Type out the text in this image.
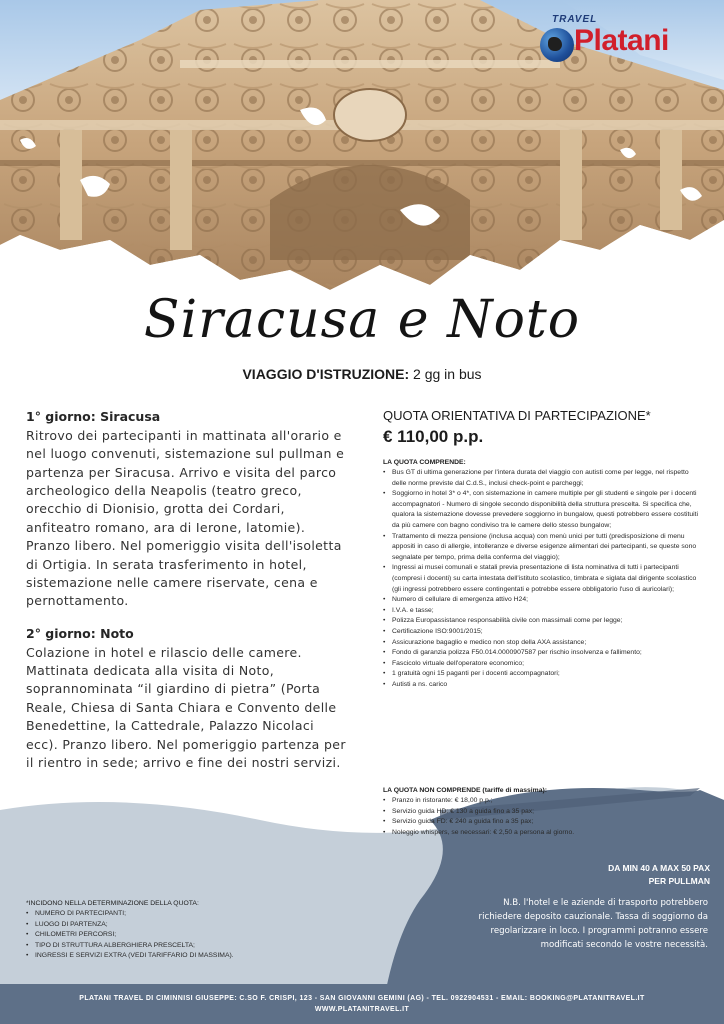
TRAVEL
Platani
Siracusa e Noto
VIAGGIO D'ISTRUZIONE: 2 gg in bus
1° giorno: Siracusa

Ritrovo dei partecipanti in mattinata all'orario e nel luogo convenuti, sistemazione sul pullman e partenza per Siracusa. Arrivo e visita del parco archeologico della Neapolis (teatro greco, orecchio di Dionisio, grotta dei Cordari, anfiteatro romano, ara di Ierone, latomie). Pranzo libero. Nel pomeriggio visita dell'isoletta di Ortigia. In serata trasferimento in hotel, sistemazione nelle camere riservate, cena e pernottamento.

2° giorno: Noto

Colazione in hotel e rilascio delle camere. Mattinata dedicata alla visita di Noto, soprannominata “il giardino di pietra” (Porta Reale, Chiesa di Santa Chiara e Convento delle Benedettine, la Cattedrale, Palazzo Nicolaci ecc). Pranzo libero. Nel pomeriggio partenza per il rientro in sede; arrivo e fine dei nostri servizi.

QUOTA ORIENTATIVA DI PARTECIPAZIONE*
€ 110,00 p.p.
LA QUOTA COMPRENDE:
• Bus GT di ultima generazione per l'intera durata del viaggio con autisti come per legge, nel rispetto delle norme previste dal C.d.S., inclusi check-point e parcheggi;
• Soggiorno in hotel 3* o 4*, con sistemazione in camere multiple per gli studenti e singole per i docenti accompagnatori - Numero di singole secondo disponibilità della struttura prescelta. Si specifica che, qualora la sistemazione dovesse prevedere soggiorno in bungalow, questi potrebbero essere costituiti da più camere con bagno condiviso tra le camere dello stesso bungalow;
• Trattamento di mezza pensione (inclusa acqua) con menù unici per tutti (predisposizione di menu appositi in caso di allergie, intolleranze e diverse esigenze alimentari dei partecipanti, se queste sono segnalate per tempo, prima della conferma del viaggio);
• Ingressi ai musei comunali e statali previa presentazione di lista nominativa di tutti i partecipanti (compresi i docenti) su carta intestata dell'istituto scolastico, timbrata e siglata dal dirigente scolastico (gli ingressi potrebbero essere contingentati e potrebbe essere obbligatorio l'uso di auricolari);
• Numero di cellulare di emergenza attivo H24;
• I.V.A. e tasse;
• Polizza Europassistance responsabilità civile con massimali come per legge;
• Certificazione ISO:9001/2015;
• Assicurazione bagaglio e medico non stop della AXA assistance;
• Fondo di garanzia polizza F50.014.0000907587 per rischio insolvenza e fallimento;
• Fascicolo virtuale dell'operatore economico;
• 1 gratuità ogni 15 paganti per i docenti accompagnatori;
• Autisti a ns. carico
LA QUOTA NON COMPRENDE (tariffe di massima):
• Pranzo in ristorante: € 18,00 p.p.;
• Servizio guida HD: € 130 a guida fino a 35 pax;
• Servizio guida FD: € 240 a guida fino a 35 pax;
• Noleggio whispers, se necessari: € 2,50 a persona al giorno.
*INCIDONO NELLA DETERMINAZIONE DELLA QUOTA:
• NUMERO DI PARTECIPANTI;
• LUOGO DI PARTENZA;
• CHILOMETRI PERCORSI;
• TIPO DI STRUTTURA ALBERGHIERA PRESCELTA;
• INGRESSI E SERVIZI EXTRA (VEDI TARIFFARIO DI MASSIMA).
DA MIN 40 A MAX 50 PAX
PER PULLMAN
N.B. l'hotel e le aziende di trasporto potrebbero richiedere deposito cauzionale. Tassa di soggiorno da regolarizzare in loco. I programmi potranno essere modificati secondo le vostre necessità.
PLATANI TRAVEL DI CIMINNISI GIUSEPPE: C.SO F. CRISPI, 123 - SAN GIOVANNI GEMINI (AG) - TEL. 0922904531 - EMAIL: BOOKING@PLATANITRAVEL.IT
WWW.PLATANITRAVEL.IT
